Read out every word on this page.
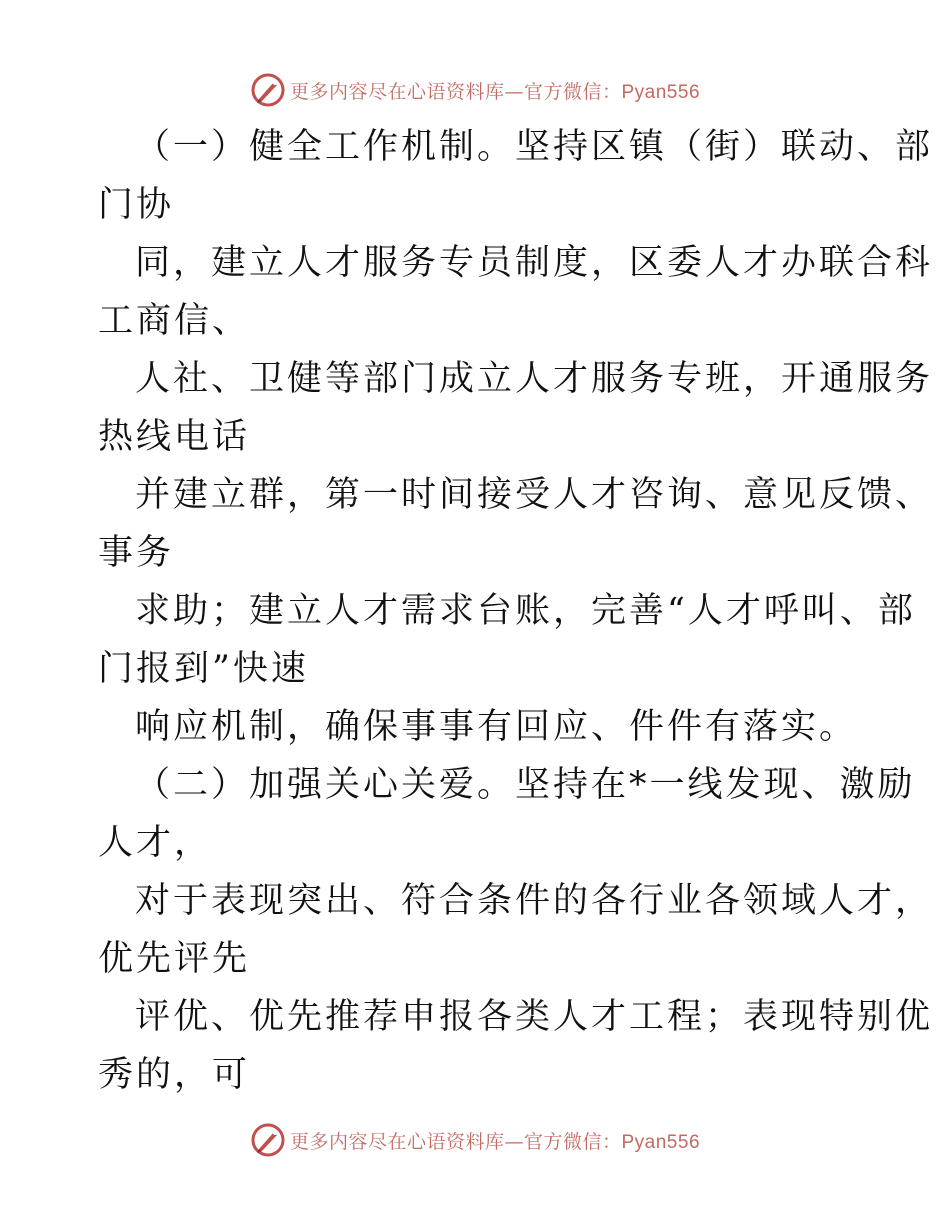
更多内容尽在心语资料库—官方微信：Pyan556
（一）健全工作机制。坚持区镇（街）联动、部
门协
同，建立人才服务专员制度，区委人才办联合科
工商信、
人社、卫健等部门成立人才服务专班，开通服务
热线电话
并建立群，第一时间接受人才咨询、意见反馈、
事务
求助；建立人才需求台账，完善“人才呼叫、部
门报到”快速
响应机制，确保事事有回应、件件有落实。
（二）加强关心关爱。坚持在*一线发现、激励
人才，
对于表现突出、符合条件的各行业各领域人才，
优先评先
评优、优先推荐申报各类人才工程；表现特别优
秀的，可
更多内容尽在心语资料库—官方微信：Pyan556
